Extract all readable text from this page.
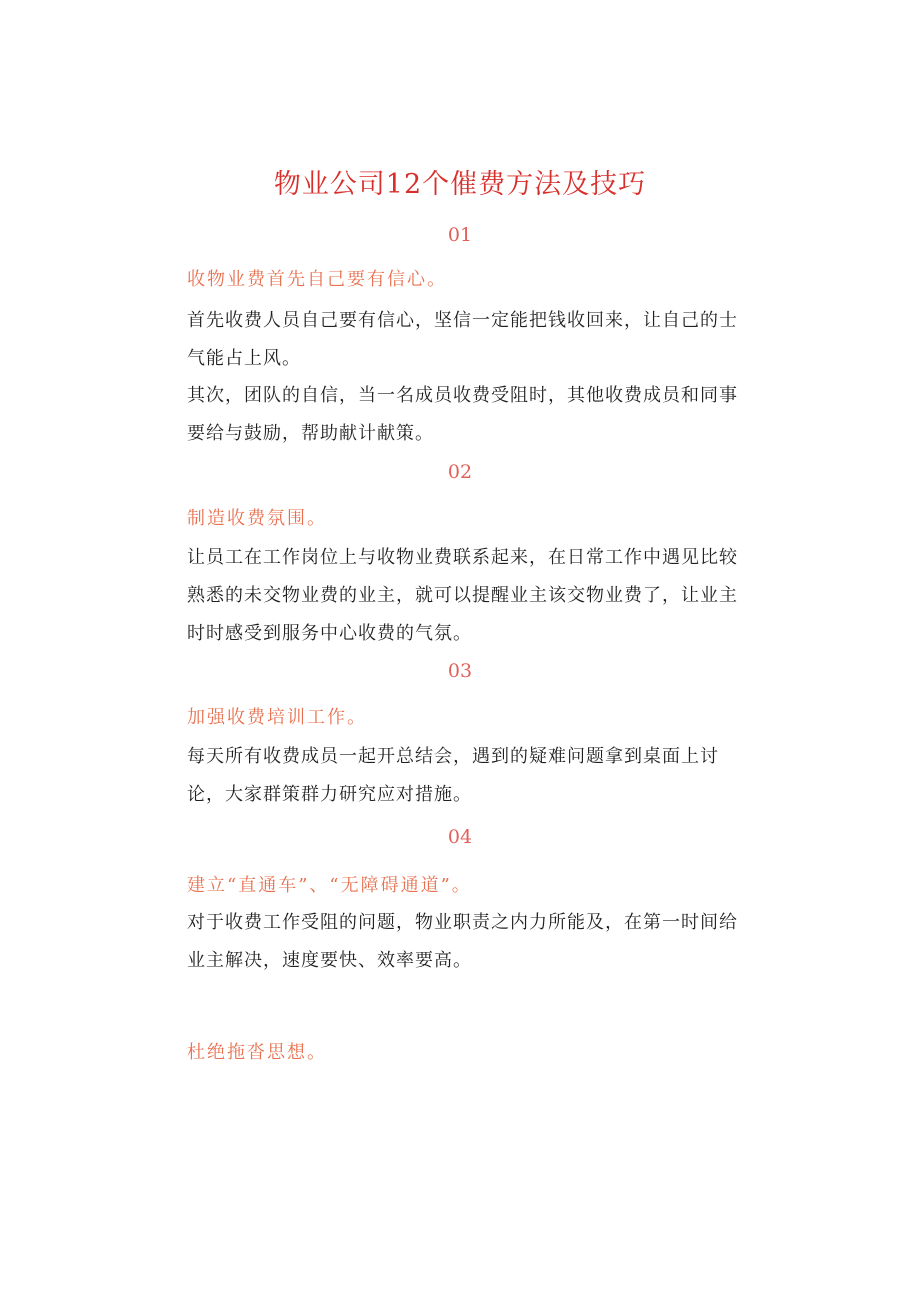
物业公司12个催费方法及技巧
01
收物业费首先自己要有信心。

首先收费人员自己要有信心，坚信一定能把钱收回来，让自己的士气能占上风。

其次，团队的自信，当一名成员收费受阻时，其他收费成员和同事要给与鼓励，帮助献计献策。

02
制造收费氛围。

让员工在工作岗位上与收物业费联系起来，在日常工作中遇见比较熟悉的未交物业费的业主，就可以提醒业主该交物业费了，让业主时时感受到服务中心收费的气氛。

03
加强收费培训工作。

每天所有收费成员一起开总结会，遇到的疑难问题拿到桌面上讨论，大家群策群力研究应对措施。

04
建立“直通车”、“无障碍通道”。

对于收费工作受阻的问题，物业职责之内力所能及，在第一时间给业主解决，速度要快、效率要高。

杜绝拖沓思想。
